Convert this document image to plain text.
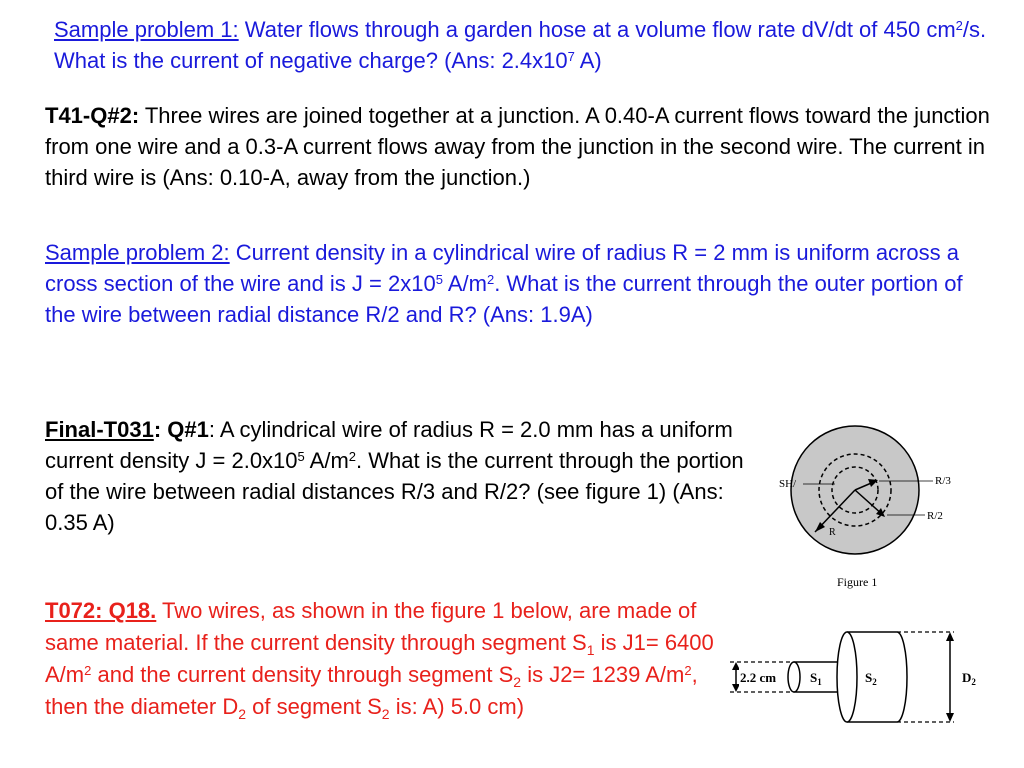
Sample problem 1: Water flows through a garden hose at a volume flow rate dV/dt of 450 $cm^2/s$. What is the current of negative charge? (Ans: $2.4x10^7$ A)
T41-Q#2: Three wires are joined together at a junction. A 0.40-A current flows toward the junction from one wire and a 0.3-A current flows away from the junction in the second wire. The current in third wire is (Ans: 0.10-A, away from the junction.)
Sample problem 2: Current density in a cylindrical wire of radius R = 2 mm is uniform across a cross section of the wire and is $J = 2x10^5$ $A/m^2$. What is the current through the outer portion of the wire between radial distance R/2 and R? (Ans: 1.9A)
Final-T031: Q#1: A cylindrical wire of radius R = 2.0 mm has a uniform current density $J = 2.0x10^5$ $A/m^2$. What is the current through the portion of the wire between radial distances R/3 and R/2? (see figure 1) (Ans: 0.35 A)
SH/	R/3
R/2
R
Figure 1
T072: Q18. Two wires, as shown in the figure 1 below, are made of same material. If the current density through segment $S_1$ is J1= 6400 $A/m^2$ and the current density through segment $S_2$ is J2= 1239 $A/m^2$, then the diameter $D_2$ of segment $S_2$ is: A) 5.0 cm)
2.2 cm	$S_1$	$S_2$	$D_2$
